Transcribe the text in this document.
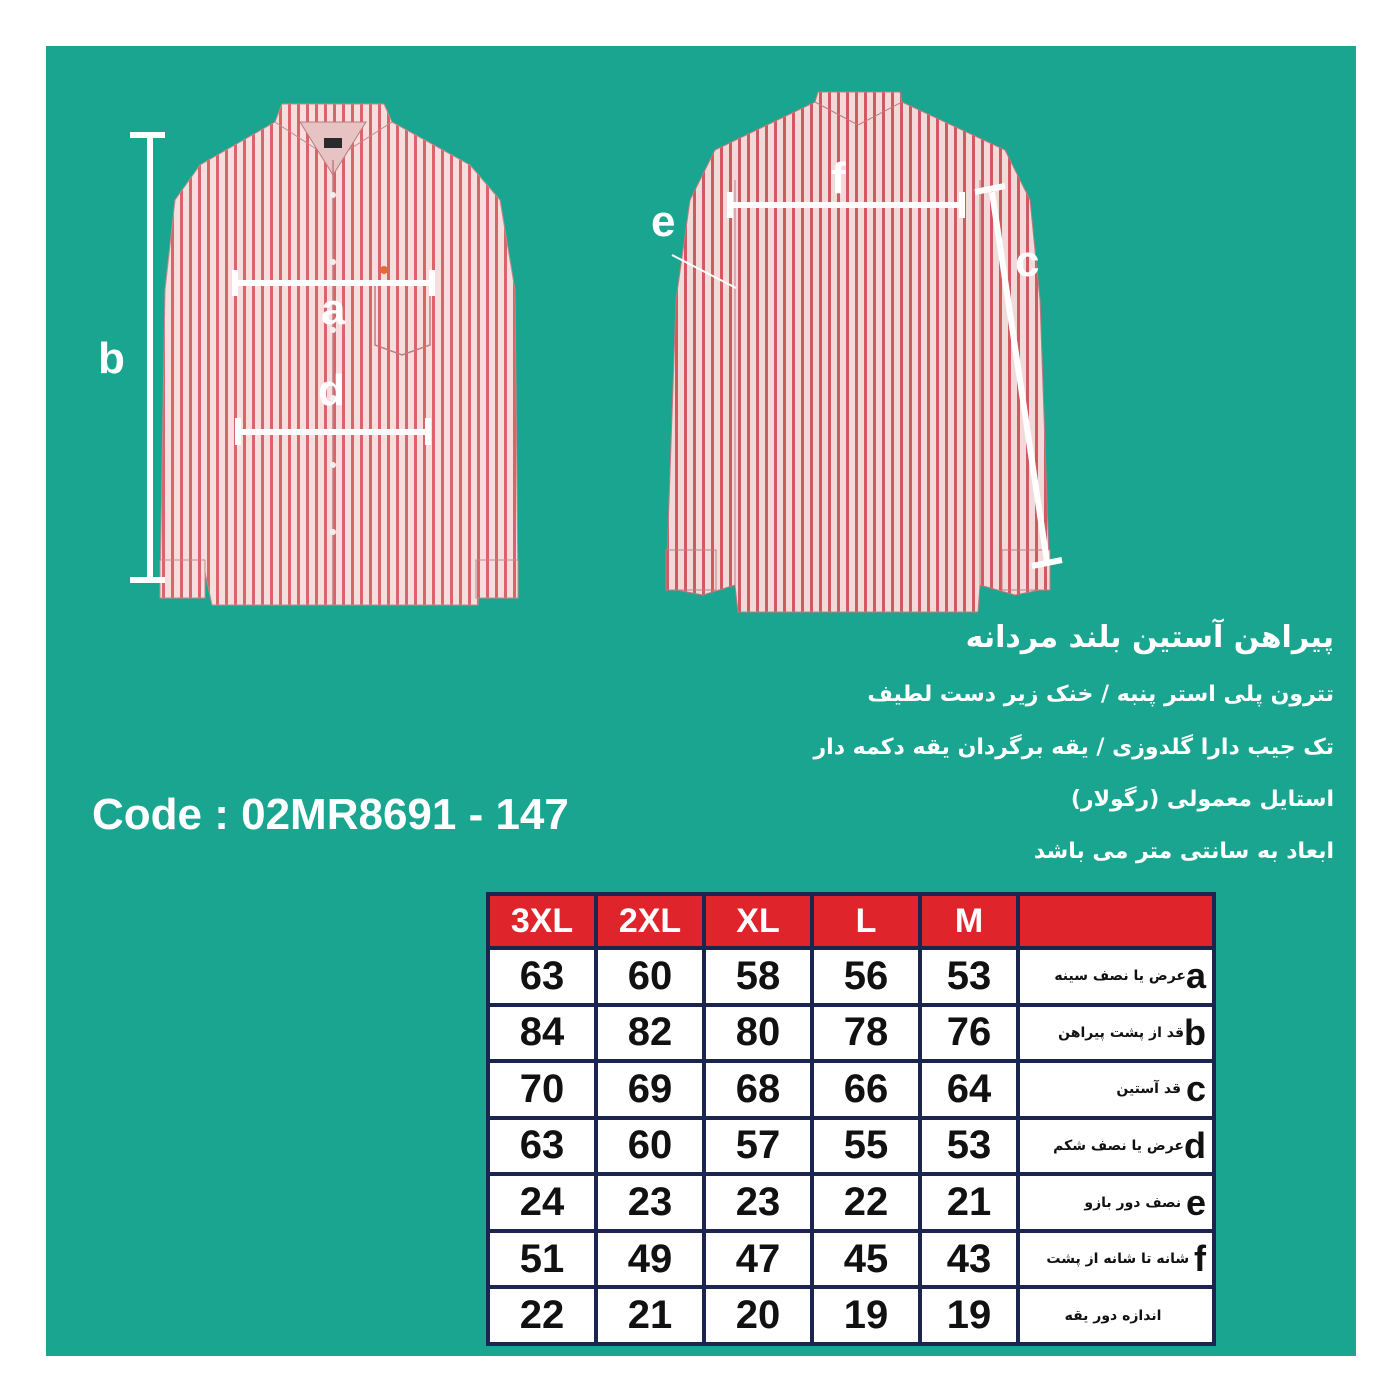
b
a
d
e
f
c
پیراهن آستین بلند مردانه
تترون پلی استر پنبه / خنک زیر دست لطیف
تک جیب دارا گلدوزی / یقه برگردان یقه دکمه دار
استایل معمولی (رگولار)
ابعاد به سانتی متر می باشد
Code : 02MR8691 - 147
3XL	2XL	XL	L	M	
63	60	58	56	53	aعرض یا نصف سینه
84	82	80	78	76	bقد از پشت پیراهن
70	69	68	66	64	c قد آستین
63	60	57	55	53	dعرض یا نصف شکم
24	23	23	22	21	e نصف دور بازو
51	49	47	45	43	f شانه تا شانه از پشت
22	21	20	19	19	اندازه دور یقه
